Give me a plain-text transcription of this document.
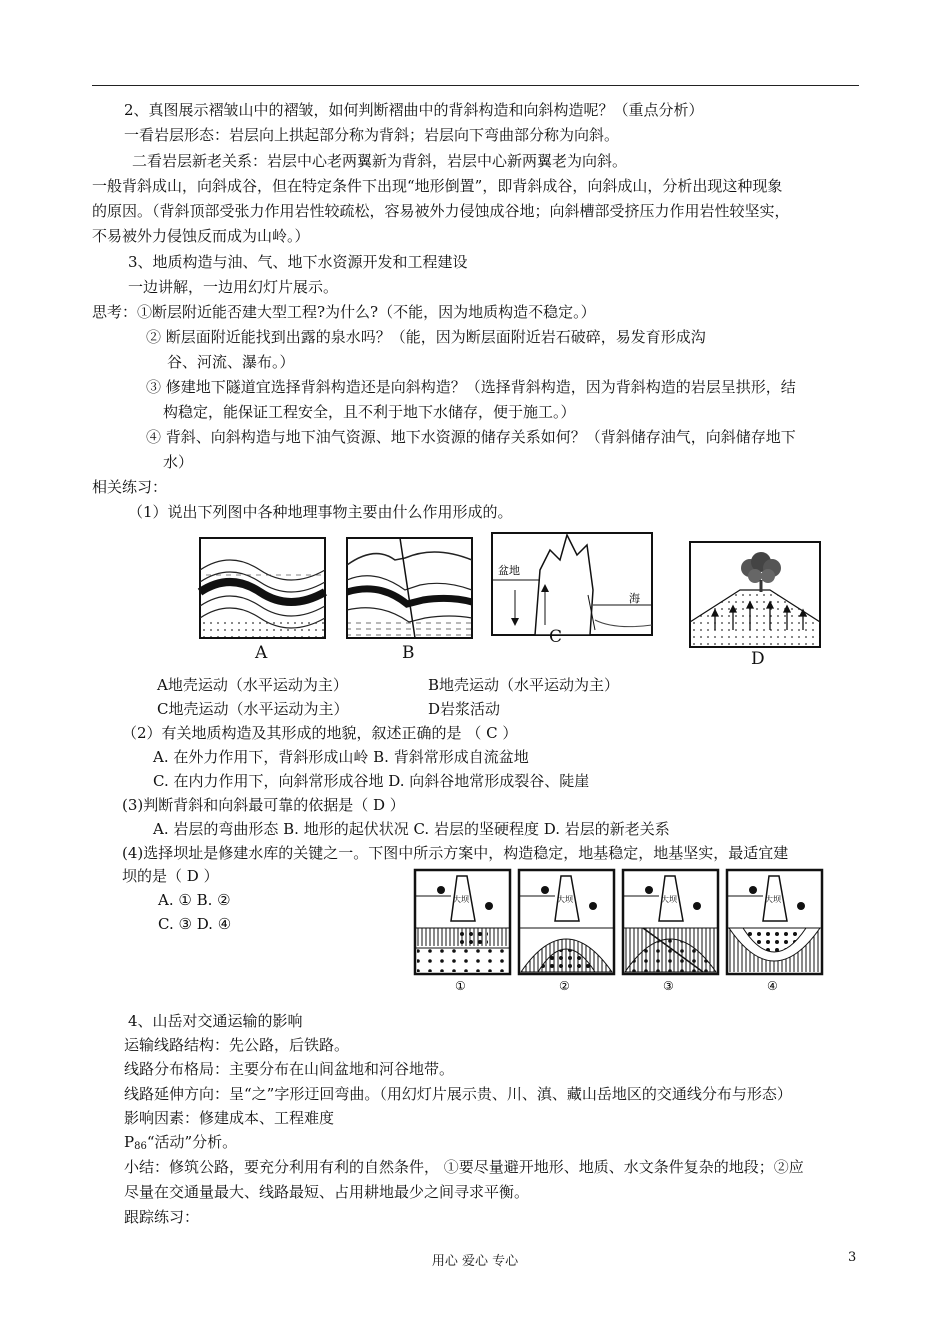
2、真图展示褶皱山中的褶皱，如何判断褶曲中的背斜构造和向斜构造呢？（重点分析）
一看岩层形态：岩层向上拱起部分称为背斜；岩层向下弯曲部分称为向斜。
二看岩层新老关系：岩层中心老两翼新为背斜，岩层中心新两翼老为向斜。
一般背斜成山，向斜成谷，但在特定条件下出现“地形倒置”，即背斜成谷，向斜成山，分析出现这种现象
的原因。（背斜顶部受张力作用岩性较疏松，容易被外力侵蚀成谷地；向斜槽部受挤压力作用岩性较坚实，
不易被外力侵蚀反而成为山岭。）
3、地质构造与油、气、地下水资源开发和工程建设
一边讲解，一边用幻灯片展示。
思考：①断层附近能否建大型工程?为什么?（不能，因为地质构造不稳定。）
② 断层面附近能找到出露的泉水吗？（能，因为断层面附近岩石破碎，易发育形成沟
谷、河流、瀑布。）
③ 修建地下隧道宜选择背斜构造还是向斜构造？（选择背斜构造，因为背斜构造的岩层呈拱形，结
构稳定，能保证工程安全，且不利于地下水储存，便于施工。）
④ 背斜、向斜构造与地下油气资源、地下水资源的储存关系如何？（背斜储存油气，向斜储存地下
水）
相关练习：
（1）说出下列图中各种地理事物主要由什么作用形成的。
盆地
海
A	B
C
D
A地壳运动（水平运动为主）	B地壳运动（水平运动为主）
C地壳运动（水平运动为主）	D岩浆活动
（2）有关地质构造及其形成的地貌，叙述正确的是 （ C ）
A. 在外力作用下，背斜形成山岭 B. 背斜常形成自流盆地
C. 在内力作用下，向斜常形成谷地 D. 向斜谷地常形成裂谷、陡崖
(3)判断背斜和向斜最可靠的依据是（ D ）
A. 岩层的弯曲形态 B. 地形的起伏状况 C. 岩层的坚硬程度 D. 岩层的新老关系
(4)选择坝址是修建水库的关键之一。下图中所示方案中，构造稳定，地基稳定，地基坚实，最适宜建
坝的是（ D ）
A. ① B. ②
C. ③ D. ④
大坝
①
大坝
②
大坝
③
大坝
④
4、山岳对交通运输的影响
运输线路结构：先公路，后铁路。
线路分布格局：主要分布在山间盆地和河谷地带。
线路延伸方向：呈“之”字形迂回弯曲。（用幻灯片展示贵、川、滇、藏山岳地区的交通线分布与形态）
影响因素：修建成本、工程难度
$P_{86}“$活动”分析。
小结：修筑公路，要充分利用有利的自然条件， ①要尽量避开地形、地质、水文条件复杂的地段；②应
尽量在交通量最大、线路最短、占用耕地最少之间寻求平衡。
跟踪练习：
用心 爱心 专心	3
